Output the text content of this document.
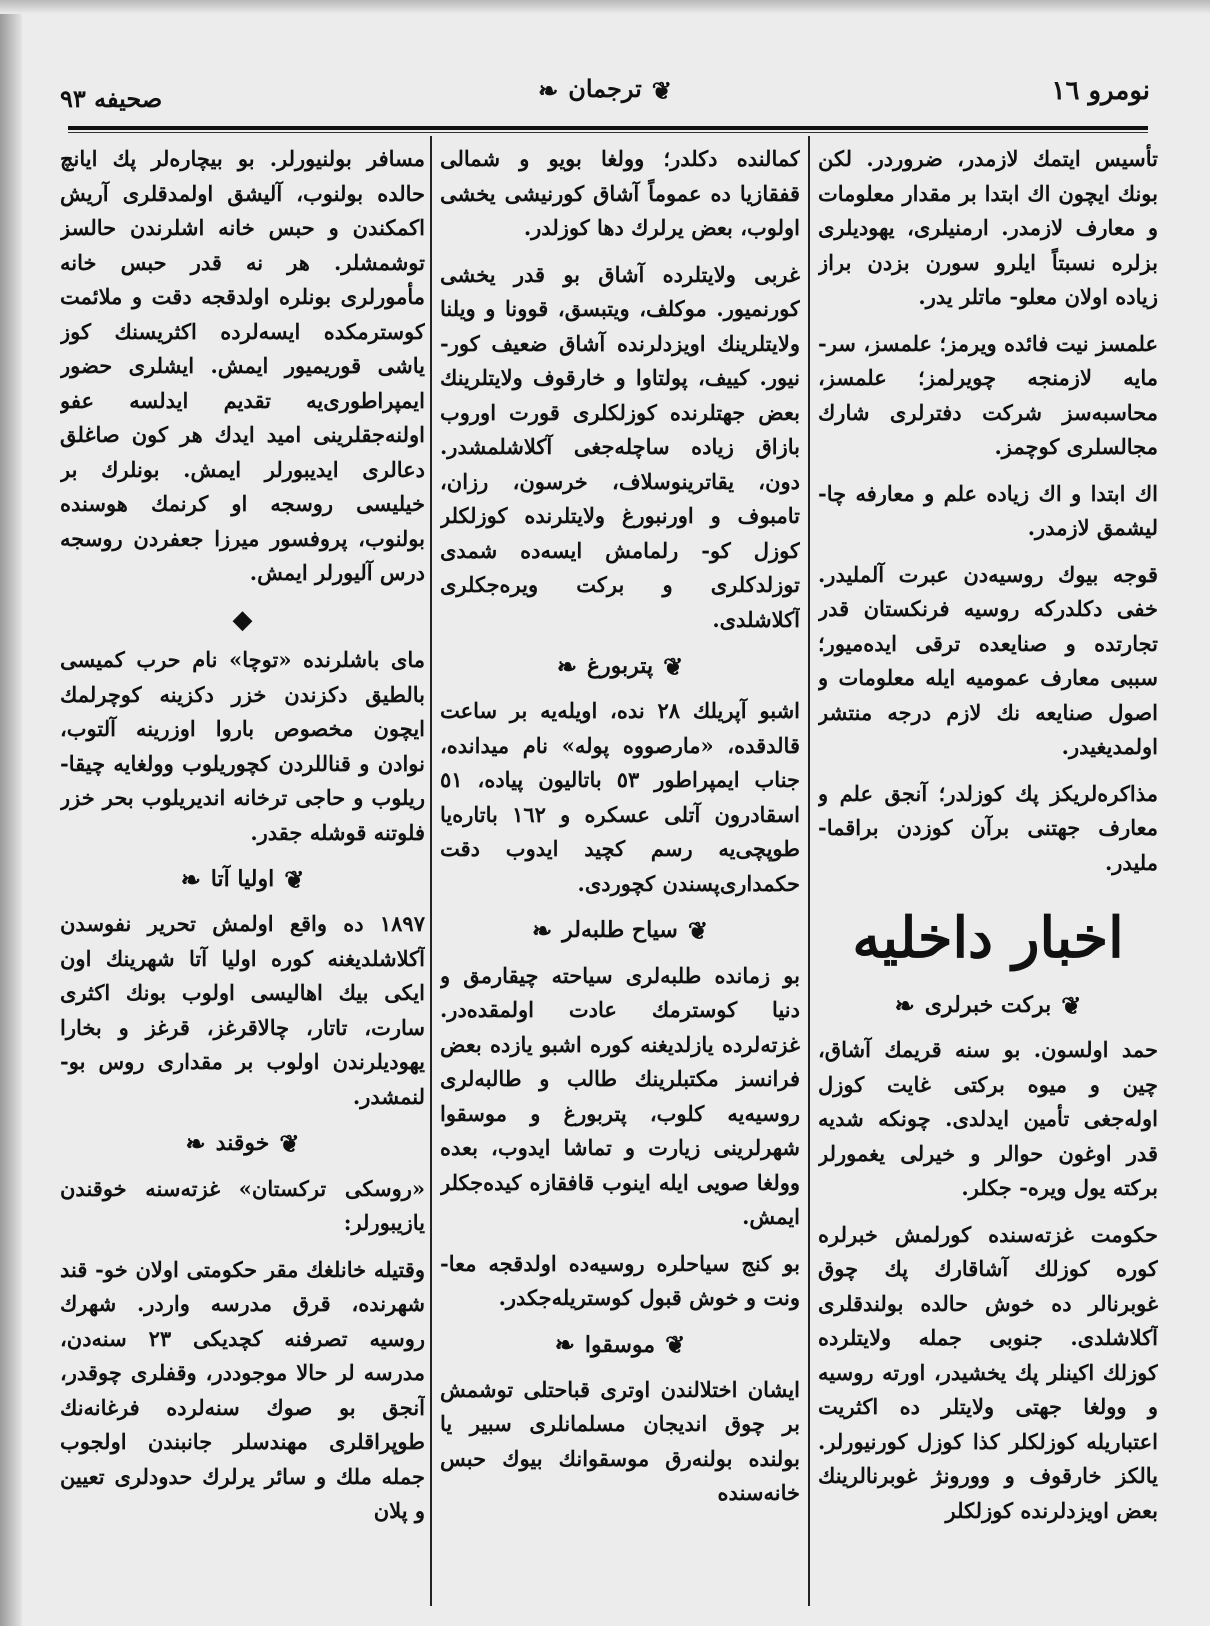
نومرو ١٦
❦ترجمان❧
صحيفه ٩٣

تأسيس ايتمك لازمدر، ضروردر. لكن بونك ايچون اك ابتدا بر مقدار معلومات و معارف لازمدر. ارمنيلرى، يهوديلرى بزلره نسبتاً ايلرو سورن بزدن براز زياده اولان معلو- ماتلر يدر.

علمسز نيت فائده ويرمز؛ علمسز، سر- مايه لازمنجه چويرلمز؛ علمسز، محاسبه‌سز شركت دفترلرى شارك مجالسلرى كوچمز.

اك ابتدا و اك زياده علم و معارفه چا- ليشمق لازمدر.

قوجه بيوك روسيه‌دن عبرت آلمليدر. خفى دكلدركه روسيه فرنكستان قدر تجارتده و صنايعده ترقى ايده‌ميور؛ سببى معارف عموميه ايله معلومات و اصول صنايعه نك لازم درجه منتشر اولمديغيدر.

مذاكره‌لريكز پك كوزلدر؛ آنجق علم و معارف جهتنى برآن كوزدن براقما- مليدر.

اخبار داخليه
❦بركت خبرلرى❧

حمد اولسون. بو سنه قريمك آشاق، چين و ميوه بركتى غايت كوزل اوله‌جغى تأمين ايدلدى. چونكه شديه قدر اوغون حوالر و خيرلى يغمورلر بركته يول ويره- جكلر.

حكومت غزته‌سنده كورلمش خبرلره كوره كوزلك آشاقارك پك چوق غوبرنالر ده خوش حالده بولندقلرى آكلاشلدى. جنوبى جمله ولايتلرده كوزلك اكينلر پك يخشيدر، اورته روسيه و وولغا جهتى ولايتلر ده اكثريت اعتباريله كوزلكلر كذا كوزل كورنيورلر. يالكز خارقوف و وورونژ غوبرنالرينك بعض اويزدلرنده كوزلكلر

كمالنده دكلدر؛ وولغا بويو و شمالى قفقازيا ده عموماً آشاق كورنيشى يخشى اولوب، بعض يرلرك دها كوزلدر.

غربى ولايتلرده آشاق بو قدر يخشى كورنميور. موكلف، ويتبسق، قوونا و ويلنا ولايتلرينك اويزدلرنده آشاق ضعيف كور- نيور. كييف، پولتاوا و خارقوف ولايتلرينك بعض جهتلرنده كوزلكلرى قورت اوروب بازاق زياده ساچله‌جغى آكلاشلمشدر. دون، يقاترينوسلاف، خرسون، رزان، تامبوف و اورنبورغ ولايتلرنده كوزلكلر كوزل كو- رلمامش ايسه‌ده شمدى توزلدكلرى و بركت ويره‌جكلرى آكلاشلدى.

❦پتربورغ❧

اشبو آپريلك ٢٨ نده، اويله‌يه بر ساعت قالدقده، «مارصووه پوله» نام ميدانده، جناب ايمپراطور ٥٣ باتاليون پياده، ٥١ اسقادرون آتلى عسكره و ١٦٢ باتاره‌يا طوپچى‌يه رسم كچيد ايدوب دقت حكمدارى‌پسندن كچوردى.

❦سياح طلبه‌لر❧

بو زمانده طلبه‌لرى سياحته چيقارمق و دنيا كوسترمك عادت اولمقده‌در. غزته‌لرده يازلديغنه كوره اشبو يازده بعض فرانسز مكتبلرينك طالب و طالبه‌لرى روسيه‌يه كلوب، پتربورغ و موسقوا شهرلرينى زيارت و تماشا ايدوب، بعده وولغا صويى ايله اينوب قافقازه كيده‌جكلر ايمش.

بو كنج سياحلره روسيه‌ده اولدقجه معا- ونت و خوش قبول كوستريله‌جكدر.

❦موسقوا❧

ايشان اختلالندن اوترى قباحتلى توشمش بر چوق انديجان مسلمانلرى سبير يا بولنده بولنه‌رق موسقوانك بيوك حبس خانه‌سنده

مسافر بولنيورلر. بو بيچاره‌لر پك ايانچ حالده بولنوب، آليشق اولمدقلرى آريش اكمكندن و حبس خانه اشلرندن حالسز توشمشلر. هر نه قدر حبس خانه مأمورلرى بونلره اولدقجه دقت و ملائمت كوسترمكده ايسه‌لرده اكثريسنك كوز ياشى قوريميور ايمش. ايشلرى حضور ايمپراطورى‌يه تقديم ايدلسه عفو اولنه‌جقلرينى اميد ايدك هر كون صاغلق دعالرى ايديبورلر ايمش. بونلرك بر خيليسى روسجه او كرنمك هوسنده بولنوب، پروفسور ميرزا جعفردن روسجه درس آليورلر ايمش.

◆

ماى باشلرنده «توچا» نام حرب كميسى بالطيق دكزندن خزر دكزينه كوچرلمك ايچون مخصوص باروا اوزرينه آلتوب، نوادن و قناللردن كچوريلوب وولغايه چيقا- ريلوب و حاجى ترخانه انديريلوب بحر خزر فلوتنه قوشله جقدر.

❦اوليا آتا❧

١٨٩٧ ده واقع اولمش تحرير نفوسدن آكلاشلديغنه كوره اوليا آتا شهرينك اون ايكى بيك اهاليسى اولوب بونك اكثرى سارت، تاتار، چالاقرغز، قرغز و بخارا يهوديلرندن اولوب بر مقدارى روس بو- لنمشدر.

❦خوقند❧

«روسكى تركستان» غزته‌سنه خوقندن يازيبورلر:

وقتيله خانلغك مقر حكومتى اولان خو- قند شهرنده، قرق مدرسه واردر. شهرك روسيه تصرفنه كچديكى ٢٣ سنه‌دن، مدرسه لر حالا موجوددر، وقفلرى چوقدر، آنجق بو صوك سنه‌لرده فرغانه‌نك طوپراقلرى مهندسلر جانبندن اولجوب جمله ملك و سائر يرلرك حدودلرى تعيين و پلان
